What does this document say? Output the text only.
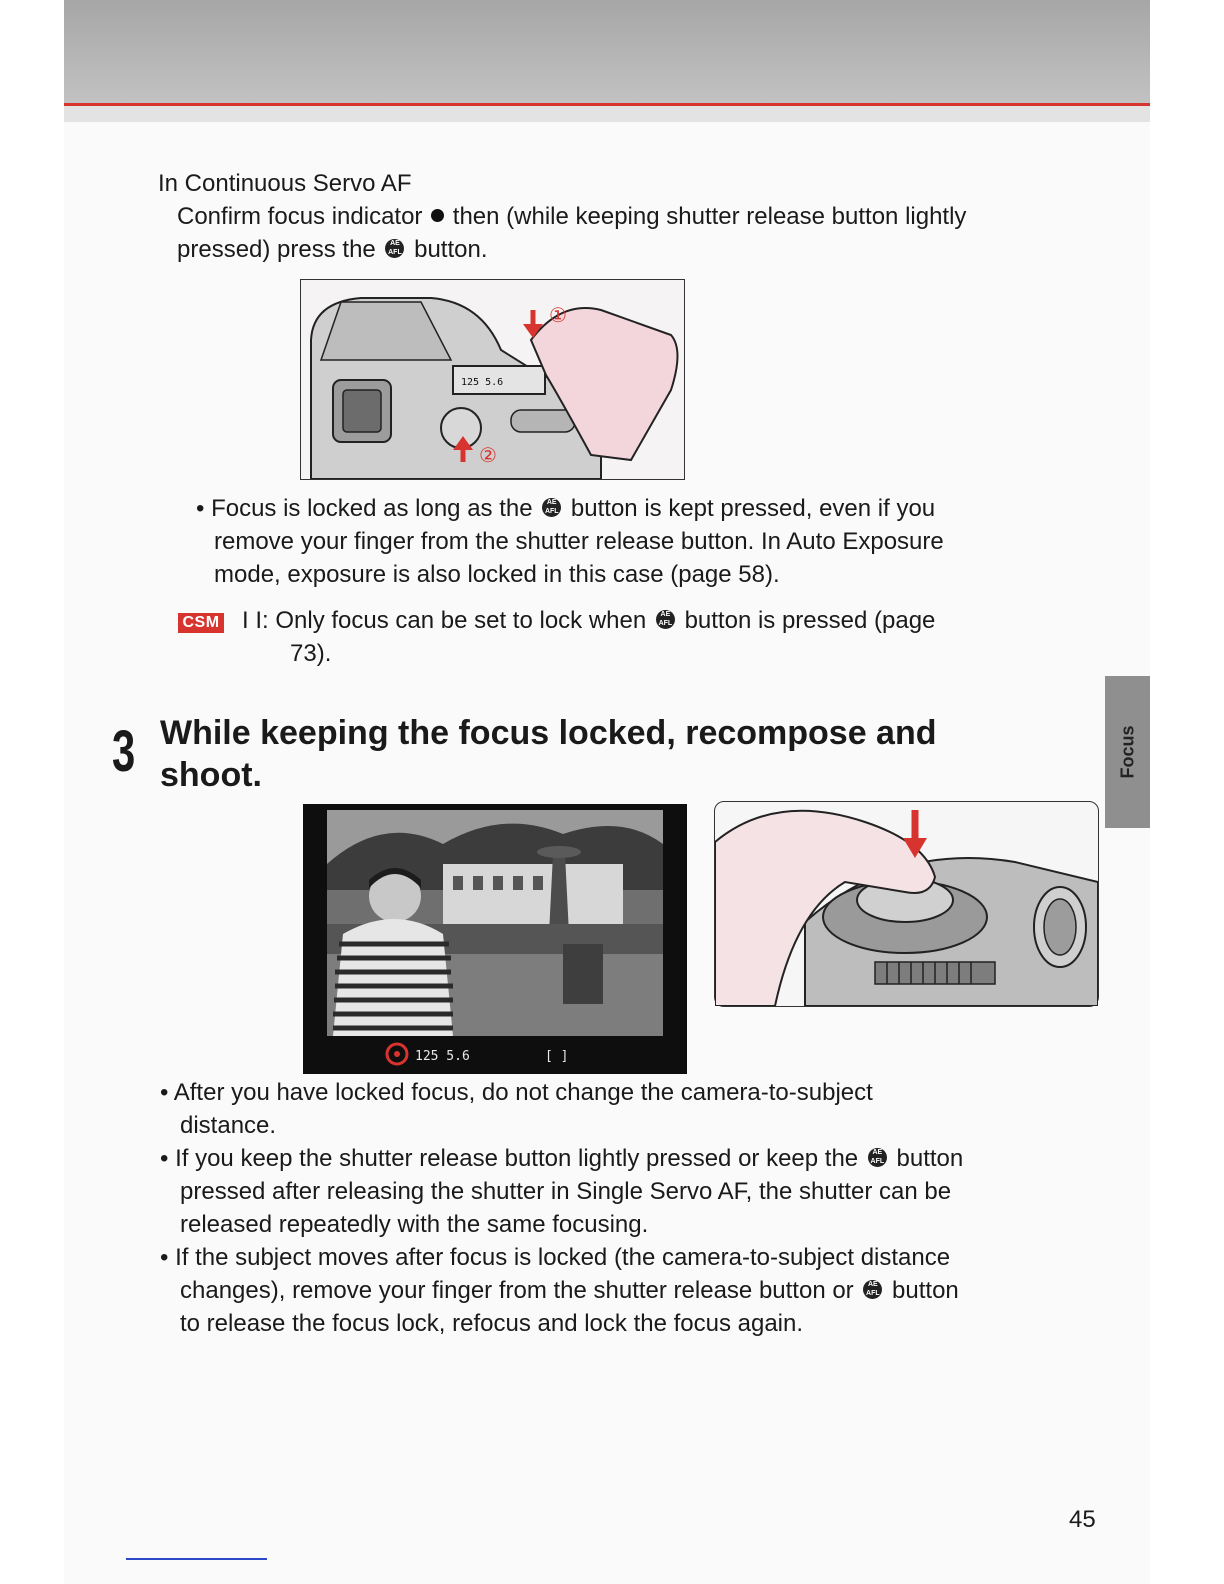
In Continuous Servo AF
Confirm focus indicator then (while keeping shutter release button lightly
pressed) press the	AE
AFL button.
125 5.6
①
②
• Focus is locked as long as the	AE
AFL button is kept pressed, even if you
remove your finger from the shutter release button. In Auto Exposure
mode, exposure is also locked in this case (page 58).
CSM I I: Only focus can be set to lock when	AE
AFL button is pressed (page
73).
3 While keeping the focus locked, recompose and
shoot.
125 5.6	[ ]
• After you have locked focus, do not change the camera-to-subject
distance.
• If you keep the shutter release button lightly pressed or keep the	AE
AFL button
pressed after releasing the shutter in Single Servo AF, the shutter can be
released repeatedly with the same focusing.
• If the subject moves after focus is locked (the camera-to-subject distance
changes), remove your finger from the shutter release button or	AE
AFL button
to release the focus lock, refocus and lock the focus again.
Focus
45
